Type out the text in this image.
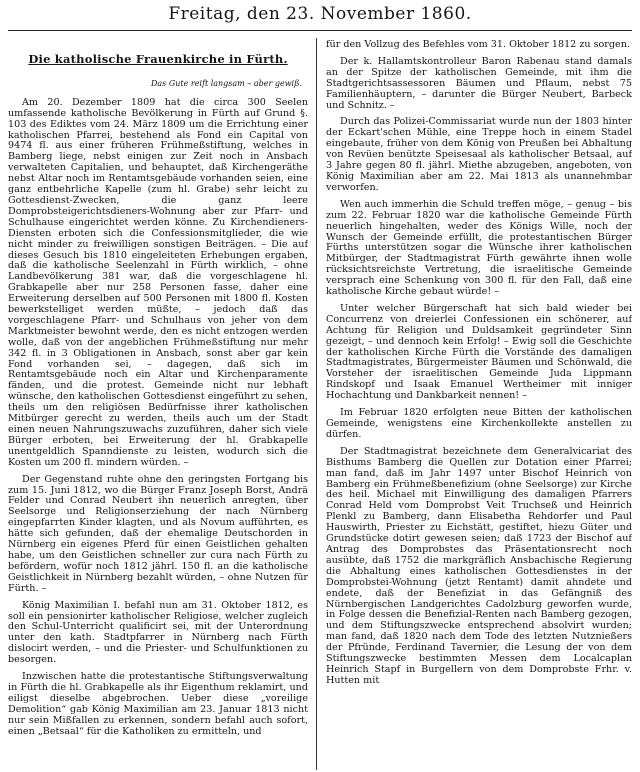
Freitag, den 23. November 1860.
Die katholische Frauenkirche in Fürth.
Das Gute reift langsam – aber gewiß.

Am 20. Dezember 1809 hat die circa 300 Seelen umfassende katholische Bevölkerung in Fürth auf Grund §. 103 des Ediktes vom 24. März 1809 um die Errichtung einer katholischen Pfarrei, bestehend als Fond ein Capital von 9474 fl. aus einer früheren Frühmeßstiftung, welches in Bamberg liege, nebst einigen zur Zeit noch in Ansbach verwalteten Capitalien, und behauptet, daß Kirchengeräthe nebst Altar noch im Rentamtsgebäude vorhanden seien, eine ganz entbehrliche Kapelle (zum hl. Grabe) sehr leicht zu Gottesdienst-Zwecken, die ganz leere Domprobsteigerichtsdieners-Wohnung aber zur Pfarr- und Schulhause eingerichtet werden könne. Zu Kirchendieners-Diensten erboten sich die Confessionsmitglieder, die wie nicht minder zu freiwilligen sonstigen Beiträgen. – Die auf dieses Gesuch bis 1810 eingeleiteten Erhebungen ergaben, daß die katholische Seelenzahl in Fürth wirklich, – ohne Landbevölkerung 381 war, daß die vorgeschlagene hl. Grabkapelle aber nur 258 Personen fasse, daher eine Erweiterung derselben auf 500 Personen mit 1800 fl. Kosten bewerkstelliget werden müßte, – jedoch daß das vorgeschlagene Pfarr- und Schulhaus von jeher von dem Marktmeister bewohnt werde, den es nicht entzogen werden wolle, daß von der angeblichen Frühmeßstiftung nur mehr 342 fl. in 3 Obligationen in Ansbach, sonst aber gar kein Fond vorhanden sei, – dagegen, daß sich im Rentamtsgebäude noch ein Altar und Kirchenparamente fänden, und die protest. Gemeinde nicht nur lebhaft wünsche, den katholischen Gottesdienst eingeführt zu sehen, theils um den religiösen Bedürfnisse ihrer katholischen Mitbürger gerecht zu werden, theils auch um der Stadt einen neuen Nahrungszuwachs zuzuführen, daher sich viele Bürger erboten, bei Erweiterung der hl. Grabkapelle unentgeldlich Spanndienste zu leisten, wodurch sich die Kosten um 200 fl. mindern würden. –

Der Gegenstand ruhte ohne den geringsten Fortgang bis zum 15. Juni 1812, wo die Bürger Franz Joseph Borst, Andrä Felder und Conrad Neubert ihn neuerlich anregten, über Seelsorge und Religionserziehung der nach Nürnberg eingepfarrten Kinder klagten, und als Novum aufführten, es hätte sich gefunden, daß der ehemalige Deutschorden in Nürnberg ein eigenes Pferd für einen Geistlichen gehalten habe, um den Geistlichen schneller zur cura nach Fürth zu befördern, wofür noch 1812 jährl. 150 fl. an die katholische Geistlichkeit in Nürnberg bezahlt würden, – ohne Nutzen für Fürth. –

König Maximilian I. befahl nun am 31. Oktober 1812, es soll ein pensionirter katholischer Religiose, welcher zugleich den Schul-Unterricht qualificirt sei, mit der Unterordnung unter den kath. Stadtpfarrer in Nürnberg nach Fürth dislocirt werden, – und die Priester- und Schulfunktionen zu besorgen.

Inzwischen hatte die protestantische Stiftungsverwaltung in Fürth die hl. Grabkapelle als ihr Eigenthum reklamirt, und eiligst dieselbe abgebrochen. Ueber diese „voreilige Demolition“ gab König Maximilian am 23. Januar 1813 nicht nur sein Mißfallen zu erkennen, sondern befahl auch sofort, einen „Betsaal“ für die Katholiken zu ermitteln, und

für den Vollzug des Befehles vom 31. Oktober 1812 zu sorgen.

Der k. Hallamtskontrolleur Baron Rabenau stand damals an der Spitze der katholischen Gemeinde, mit ihm die Stadtgerichtsassessoren Bäumen und Pflaum, nebst 75 Familienhäuptern, – darunter die Bürger Neubert, Barbeck und Schnitz. –

Durch das Polizei-Commissariat wurde nun der 1803 hinter der Eckart'schen Mühle, eine Treppe hoch in einem Stadel eingebaute, früher von dem König von Preußen bei Abhaltung von Revüen benützte Speisesaal als katholischer Betsaal, auf 3 Jahre gegen 80 fl. jährl. Miethe abzugeben, angeboten, von König Maximilian aber am 22. Mai 1813 als unannehmbar verworfen.

Wen auch immerhin die Schuld treffen möge, – genug – bis zum 22. Februar 1820 war die katholische Gemeinde Fürth neuerlich hingehalten, weder des Königs Wille, noch der Wunsch der Gemeinde erfüllt, die protestantischen Bürger Fürths unterstützen sogar die Wünsche ihrer katholischen Mitbürger, der Stadtmagistrat Fürth gewährte ihnen wolle rücksichtsreichste Vertretung, die israelitische Gemeinde versprach eine Schenkung von 300 fl. für den Fall, daß eine katholische Kirche gebaut würde! –

Unter welcher Bürgerschaft hat sich bald wieder bei Concurrenz von dreierlei Confessionen ein schönerer, auf Achtung für Religion und Duldsamkeit gegründeter Sinn gezeigt, – und dennoch kein Erfolg! – Ewig soll die Geschichte der katholischen Kirche Fürth die Vorstände des damaligen Stadtmagistrates, Bürgermeister Bäumen und Schönwald, die Vorsteher der israelitischen Gemeinde Juda Lippmann Rindskopf und Isaak Emanuel Wertheimer mit inniger Hochachtung und Dankbarkeit nennen! –

Im Februar 1820 erfolgten neue Bitten der katholischen Gemeinde, wenigstens eine Kirchenkollekte anstellen zu dürfen.

Der Stadtmagistrat bezeichnete dem Generalvicariat des Bisthums Bamberg die Quellen zur Dotation einer Pfarrei; man fand, daß im Jahr 1497 unter Bischof Heinrich von Bamberg ein Frühmeßbenefizium (ohne Seelsorge) zur Kirche des heil. Michael mit Einwilligung des damaligen Pfarrers Conrad Held vom Domprobst Veit Truchseß und Heinrich Plenkl zu Bamberg, dann Elisabetha Rehdorfer und Paul Hauswirth, Priester zu Eichstätt, gestiftet, hiezu Güter und Grundstücke dotirt gewesen seien; daß 1723 der Bischof auf Antrag des Domprobstes das Präsentationsrecht noch ausübte, daß 1752 die markgräflich Ansbachische Regierung die Abhaltung eines katholischen Gottesdienstes in der Domprobstei-Wohnung (jetzt Rentamt) damit ahndete und endete, daß der Benefiziat in das Gefängniß des Nürnbergischen Landgerichtes Cadolzburg geworfen wurde, in Folge dessen die Benefizial-Renten nach Bamberg gezogen, und dem Stiftungszwecke entsprechend absolvirt wurden; man fand, daß 1820 nach dem Tode des letzten Nutznießers der Pfründe, Ferdinand Tavernier, die Lesung der von dem Stiftungszwecke bestimmten Messen dem Localcaplan Heinrich Stapf in Burgellern von dem Domprobste Frhr. v. Hutten mit
